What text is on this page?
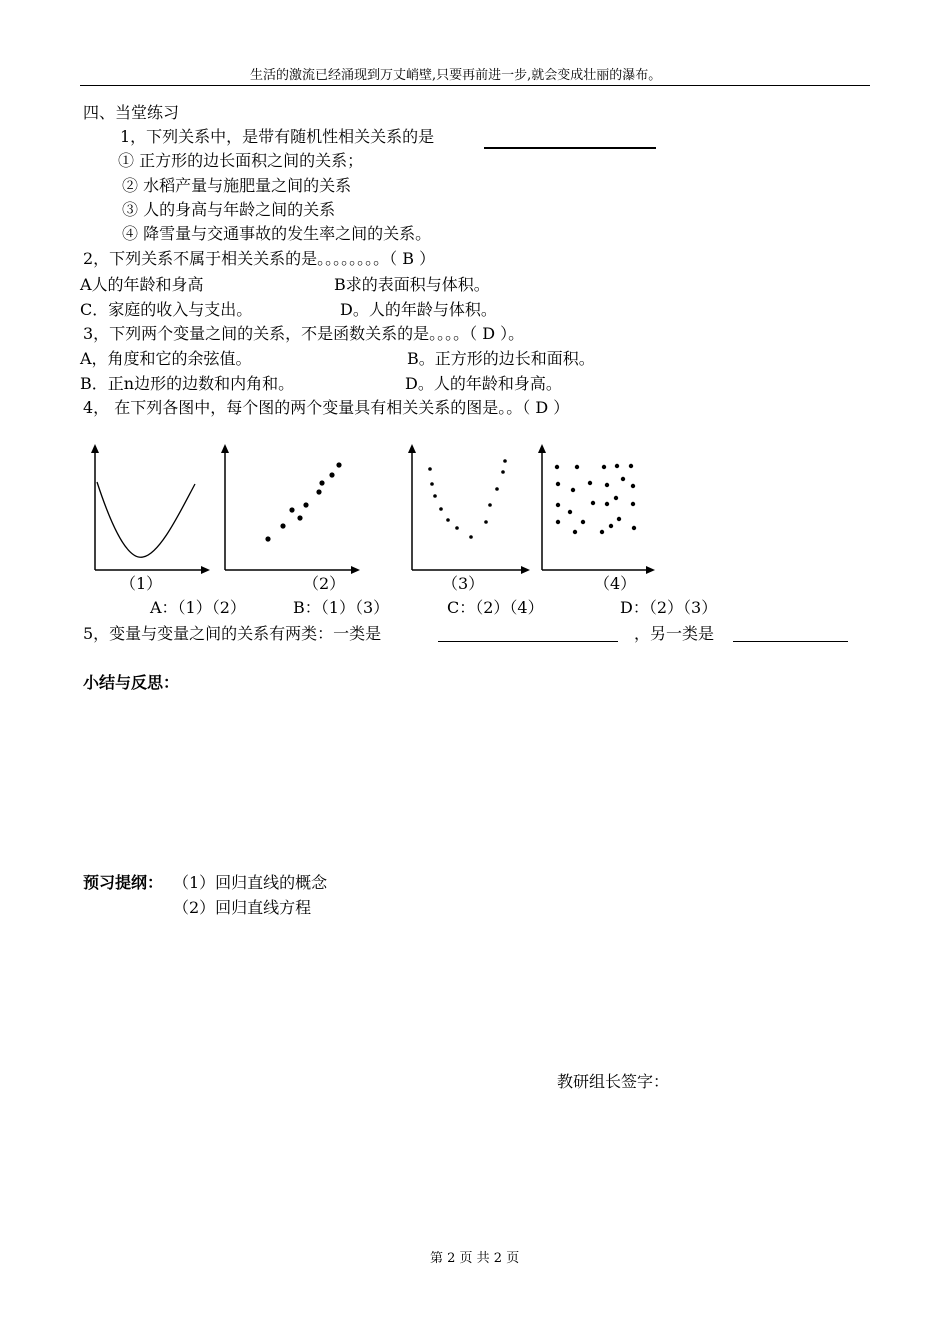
生活的激流已经涌现到万丈峭壁,只要再前进一步,就会变成壮丽的瀑布。
四、当堂练习
1，下列关系中，是带有随机性相关关系的是
① 正方形的边长面积之间的关系；
② 水稻产量与施肥量之间的关系
③ 人的身高与年龄之间的关系
④ 降雪量与交通事故的发生率之间的关系。
2，下列关系不属于相关关系的是。。。。。。。。（ B ）
A人的年龄和身高	B求的表面积与体积。
C．家庭的收入与支出。	D。人的年龄与体积。
3，下列两个变量之间的关系，不是函数关系的是。。。。（ D ）。
A，角度和它的余弦值。	B。正方形的边长和面积。
B．正n边形的边数和内角和。	D。人的年龄和身高。
4， 在下列各图中，每个图的两个变量具有相关关系的图是。。（ D ）
（1）	（2）	（3）	（4）
A：（1）（2）	B：（1）（3）	C：（2）（4）	D：（2）（3）
5，变量与变量之间的关系有两类：一类是	，另一类是
小结与反思：
预习提纲： （1）回归直线的概念
（2）回归直线方程
教研组长签字：
第 2 页 共 2 页
